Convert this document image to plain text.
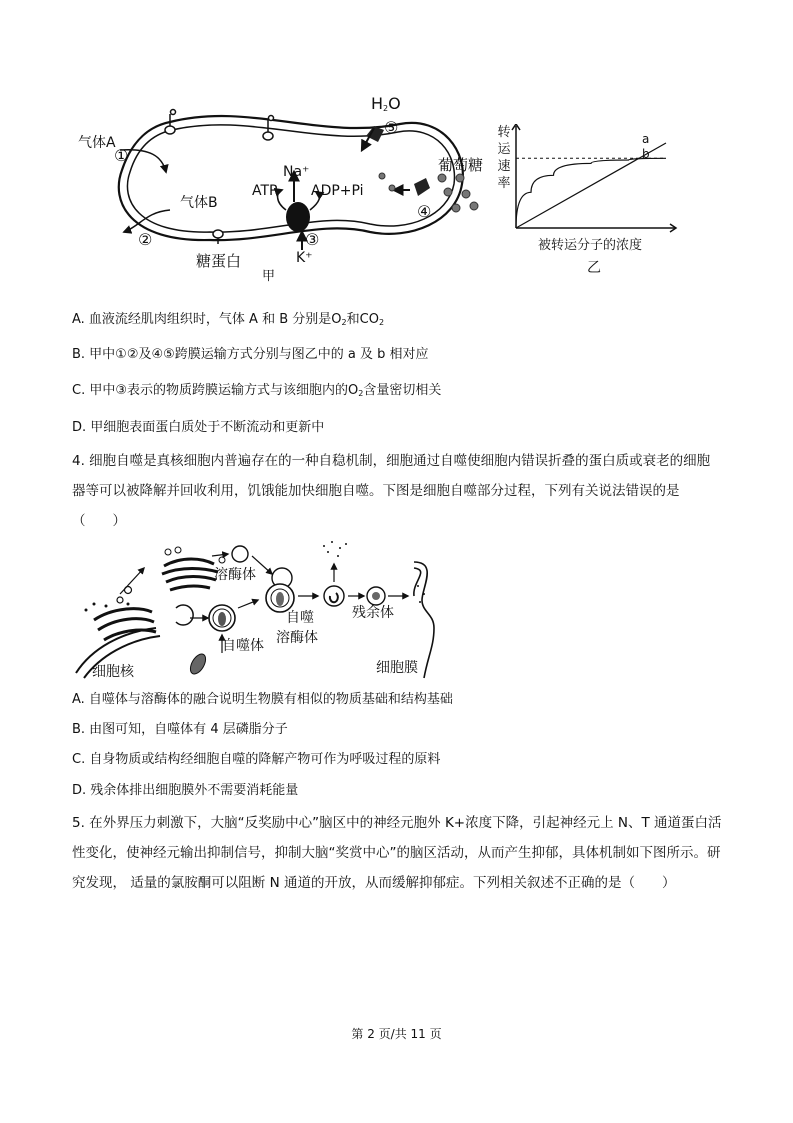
气体A
①
气体B
②
糖蛋白
Na⁺
ATP ADP+Pi
③
K⁺
甲
$H_2O$
⑤
葡萄糖
④
转
运
速
率
a
b
被转运分子的浓度
乙
A. 血液流经肌肉组织时，气体 A 和 B 分别是$O_2$和$CO_2$
B. 甲中①②及④⑤跨膜运输方式分别与图乙中的 a 及 b 相对应
C. 甲中③表示的物质跨膜运输方式与该细胞内的$O_2$含量密切相关
D. 甲细胞表面蛋白质处于不断流动和更新中
4. 细胞自噬是真核细胞内普遍存在的一种自稳机制，细胞通过自噬使细胞内错误折叠的蛋白质或衰老的细胞器等可以被降解并回收利用，饥饿能加快细胞自噬。下图是细胞自噬部分过程，下列有关说法错误的是（　　）
溶酶体
自噬体
自噬
溶酶体
残余体
细胞核	细胞膜
A. 自噬体与溶酶体的融合说明生物膜有相似的物质基础和结构基础
B. 由图可知，自噬体有 4 层磷脂分子
C. 自身物质或结构经细胞自噬的降解产物可作为呼吸过程的原料
D. 残余体排出细胞膜外不需要消耗能量
5. 在外界压力刺激下，大脑“反奖励中心”脑区中的神经元胞外 K+浓度下降，引起神经元上 N、T 通道蛋白活性变化，使神经元输出抑制信号，抑制大脑“奖赏中心”的脑区活动，从而产生抑郁，具体机制如下图所示。研究发现， 适量的氯胺酮可以阻断 N 通道的开放，从而缓解抑郁症。下列相关叙述不正确的是（　　）
第 2 页/共 11 页
